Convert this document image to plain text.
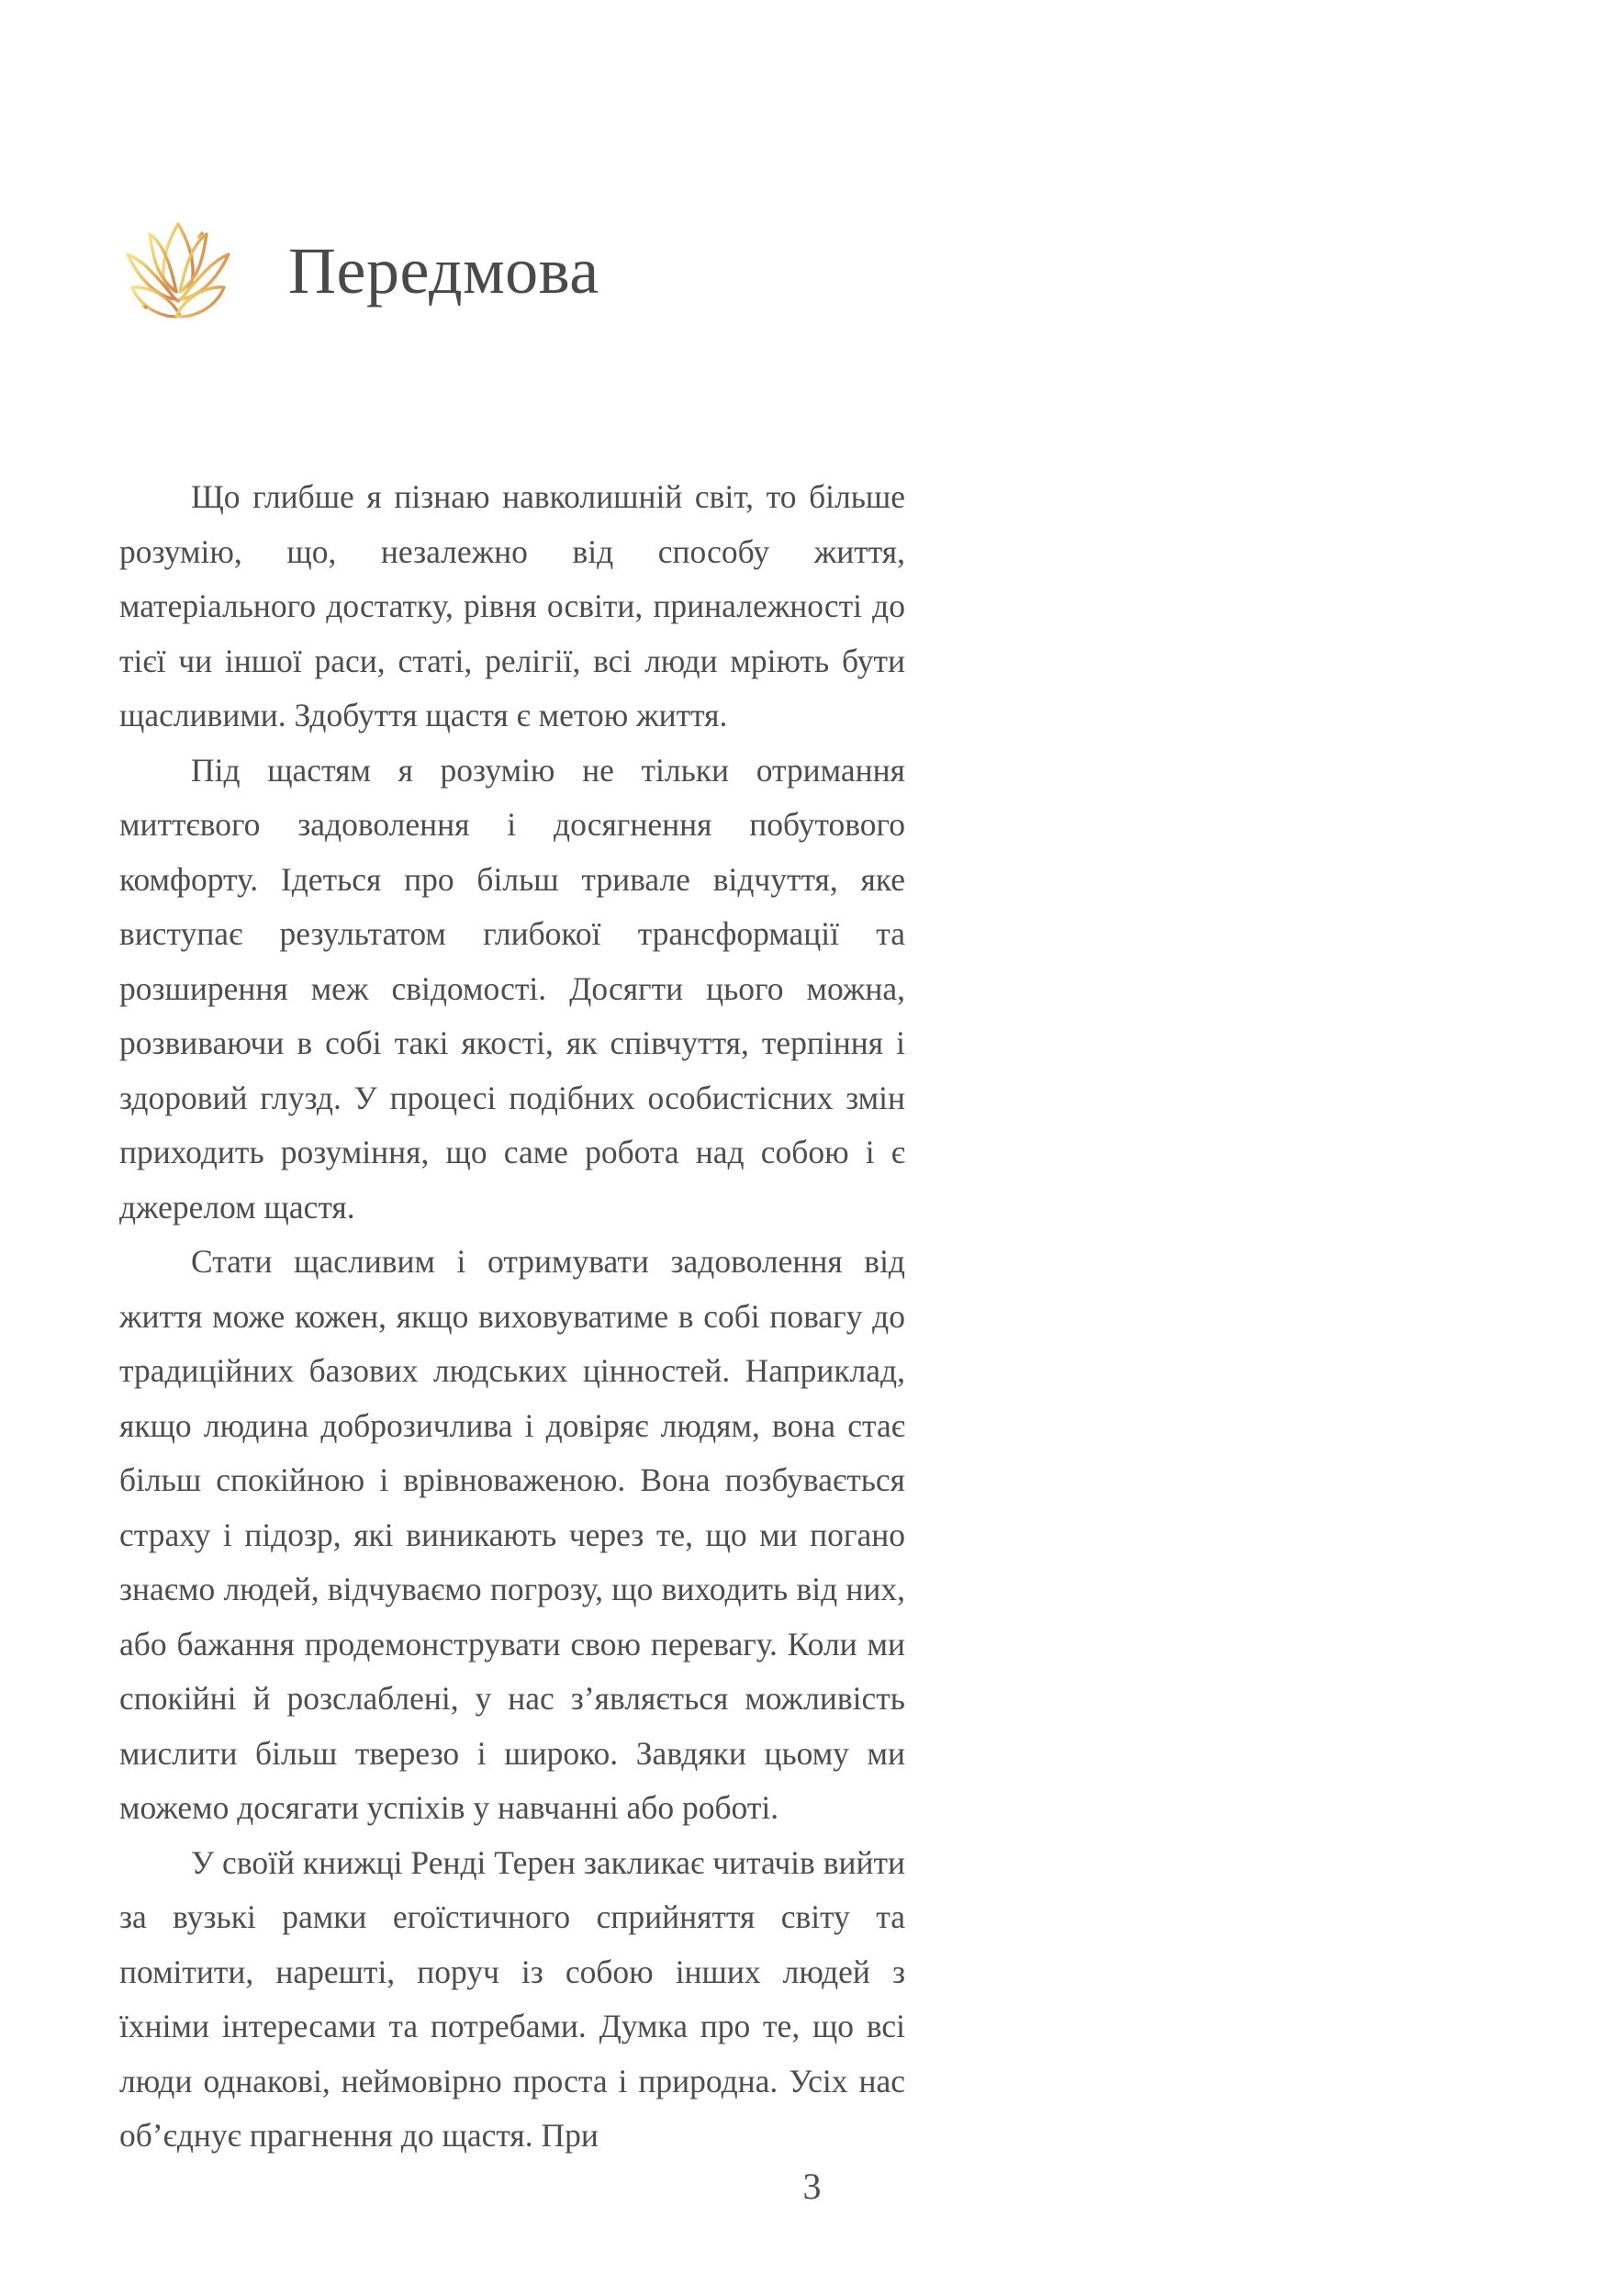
Передмова

Що глибше я пізнаю навколишній світ, то більше розумію, що, незалежно від способу життя, матеріального достатку, рівня освіти, приналежності до тієї чи іншої раси, статі, релігії, всі люди мріють бути щасливими. Здобуття щастя є метою життя.

Під щастям я розумію не тільки отримання миттєвого задоволення і досягнення побутового комфорту. Ідеться про більш тривале відчуття, яке виступає результатом глибокої трансформації та розширення меж свідомості. Досягти цього можна, розвиваючи в собі такі якості, як співчуття, терпіння і здоровий глузд. У процесі подібних особистісних змін приходить розуміння, що саме робота над собою і є джерелом щастя.

Стати щасливим і отримувати задоволення від життя може кожен, якщо виховуватиме в собі повагу до традиційних базових людських цінностей. Наприклад, якщо людина доброзичлива і довіряє людям, вона стає більш спокійною і врівноваженою. Вона позбувається страху і підозр, які виникають через те, що ми погано знаємо людей, відчуваємо погрозу, що виходить від них, або бажання продемонструвати свою перевагу. Коли ми спокійні й розслаблені, у нас з’являється можливість мислити більш тверезо і широко. Завдяки цьому ми можемо досягати успіхів у навчанні або роботі.

У своїй книжці Ренді Терен закликає читачів вийти за вузькі рамки егоїстичного сприйняття світу та помітити, нарешті, поруч із собою інших людей з їхніми інтересами та потребами. Думка про те, що всі люди однакові, неймовірно проста і природна. Усіх нас об’єднує прагнення до щастя. При

3
